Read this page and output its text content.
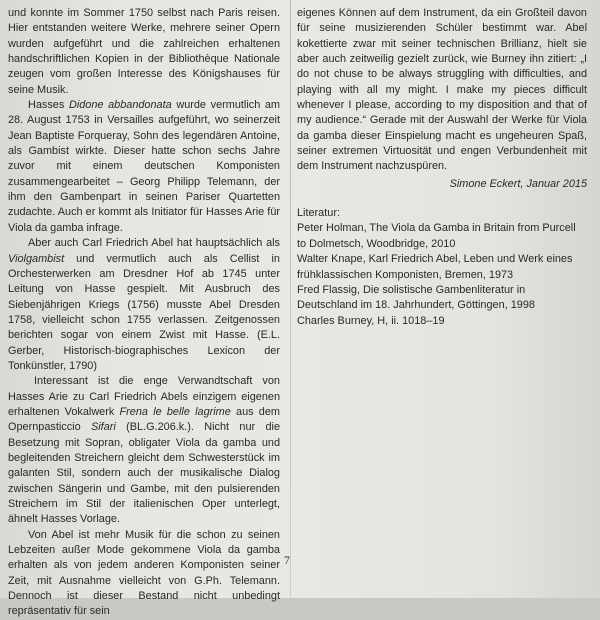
und konnte im Sommer 1750 selbst nach Paris reisen. Hier entstanden weitere Werke, mehrere seiner Opern wurden aufgeführt und die zahlreichen erhaltenen handschriftlichen Kopien in der Bibliothèque Nationale zeugen vom großen Interesse des Königshauses für seine Musik.

Hasses Didone abbandonata wurde vermutlich am 28. August 1753 in Versailles aufgeführt, wo seinerzeit Jean Baptiste Forqueray, Sohn des legendären Antoine, als Gambist wirkte. Dieser hatte schon sechs Jahre zuvor mit einem deutschen Komponisten zusammengearbeitet – Georg Philipp Telemann, der ihm den Gambenpart in seinen Pariser Quartetten zudachte. Auch er kommt als Initiator für Hasses Arie für Viola da gamba infrage.

Aber auch Carl Friedrich Abel hat hauptsächlich als Violgambist und vermutlich auch als Cellist in Orchesterwerken am Dresdner Hof ab 1745 unter Leitung von Hasse gespielt. Mit Ausbruch des Siebenjährigen Kriegs (1756) musste Abel Dresden 1758, vielleicht schon 1755 verlassen. Zeitgenossen berichten sogar von einem Zwist mit Hasse. (E.L. Gerber, Historisch-biographisches Lexicon der Tonkünstler, 1790)

Interessant ist die enge Verwandtschaft von Hasses Arie zu Carl Friedrich Abels einzigem eigenen erhaltenen Vokalwerk Frena le belle lagrime aus dem Opernpasticcio Sifari (BL.G.206.k.). Nicht nur die Besetzung mit Sopran, obligater Viola da gamba und begleitenden Streichern gleicht dem Schwesterstück im galanten Stil, sondern auch der musikalische Dialog zwischen Sängerin und Gambe, mit den pulsierenden Streichern im Stil der italienischen Oper unterlegt, ähnelt Hasses Vorlage.

Von Abel ist mehr Musik für die schon zu seinen Lebzeiten außer Mode gekommene Viola da gamba erhalten als von jedem anderen Komponisten seiner Zeit, mit Ausnahme vielleicht von G.Ph. Telemann. Dennoch ist dieser Bestand nicht unbedingt repräsentativ für sein

eigenes Können auf dem Instrument, da ein Großteil davon für seine musizierenden Schüler bestimmt war. Abel kokettierte zwar mit seiner technischen Brillianz, hielt sie aber auch zeitweilig gezielt zurück, wie Burney ihn zitiert: „I do not chuse to be always struggling with difficulties, and playing with all my might. I make my pieces difficult whenever I please, according to my disposition and that of my audience.“ Gerade mit der Auswahl der Werke für Viola da gamba dieser Einspielung macht es ungeheuren Spaß, seiner extremen Virtuosität und engen Verbundenheit mit dem Instrument nachzuspüren.

Simone Eckert, Januar 2015

Literatur:

Peter Holman, The Viola da Gamba in Britain from Purcell to Dolmetsch, Woodbridge, 2010

Walter Knape, Karl Friedrich Abel, Leben und Werk eines frühklassischen Komponisten, Bremen, 1973

Fred Flassig, Die solistische Gambenliteratur in Deutschland im 18. Jahrhundert, Göttingen, 1998

Charles Burney, H, ii. 1018–19

7
